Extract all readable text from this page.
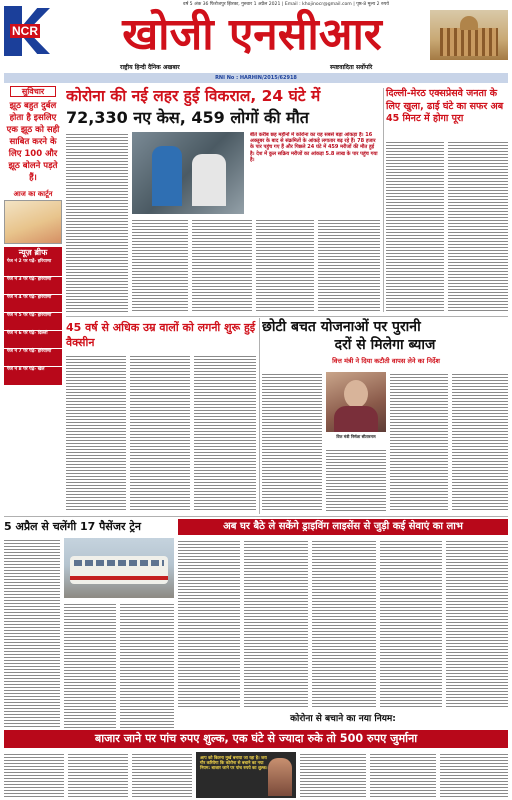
वर्ष 5 अंक 36 फिरोजपुर झिरका, गुरुवार 1 अप्रैल 2021 | Email : khojinocr@gmail.com | पृष्ठ-8 मूल्य 2 रुपये
NCR	खोजी एनसीआर
राष्ट्रीय हिन्दी दैनिक अखबार	स्पष्टवादिता सर्वोपरि
RNI No : HARHIN/2015/62918
सुविचार
झूठ बहुत दुर्बल होता है इसलिए एक झूठ को सही साबित करने के लिए 100 और झूठ बोलने पड़ते हैं।
आज का कार्टून
न्यूज़ ब्रीफ
पेज नं 2 पर पढ़ें- हरियाणा
पेज नं 3 पर पढ़ें- हरियाणा
पेज नं 4 पर पढ़ें- हरियाणा
पेज नं 5 पर पढ़ें- हरियाणा
पेज नं 6 पर पढ़ें- दिल्ली
पेज नं 7 पर पढ़ें- हरियाणा
पेज नं 8 पर पढ़ें- खेल
कोरोना की नई लहर हुई विकराल, 24 घंटे में
72,330 नए केस, 459 लोगों की मौत
बीते करीब छह महीनों में कोरोना का यह सबसे बड़ा आंकड़ा है। 16 अक्तूबर के बाद से संक्रमितों के आंकड़े लगातार बढ़ रहे हैं। 78 हजार के पार पहुंच गए हैं और पिछले 24 घंटे में 459 मरीजों की मौत हुई है। देश में कुल सक्रिय मरीजों का आंकड़ा 5.8 लाख के पार पहुंच गया है।
दिल्ली-मेरठ एक्सप्रेसवे जनता के लिए खुला, ढाई घंटे का सफर अब 45 मिनट में होगा पूरा
45 वर्ष से अधिक उम्र वालों को लगनी शुरू हुई वैक्सीन
छोटी बचत योजनाओं पर पुरानी
दरों से मिलेगा ब्याज
वित्त मंत्री ने दिया कटौती वापस लेने का निर्देश
वित्त मंत्री निर्मला सीतारमण
5 अप्रैल से चलेंगी 17 पैसेंजर ट्रेन	अब घर बैठे ले सकेंगे ड्राइविंग लाइसेंस से जुड़ी कई सेवाएं का लाभ
कोरोना से बचाने का नया नियम:
बाजार जाने पर पांच रुपए शुल्क, एक घंटे से ज्यादा रुके तो 500 रुपए जुर्माना
आप को कितना मुर्ख बनाया जा रहा है। जरा गौर करियेगा कि कोरोना से बचाने का नया नियम: बाजार जाने पर पांच रुपये का शुल्क।
